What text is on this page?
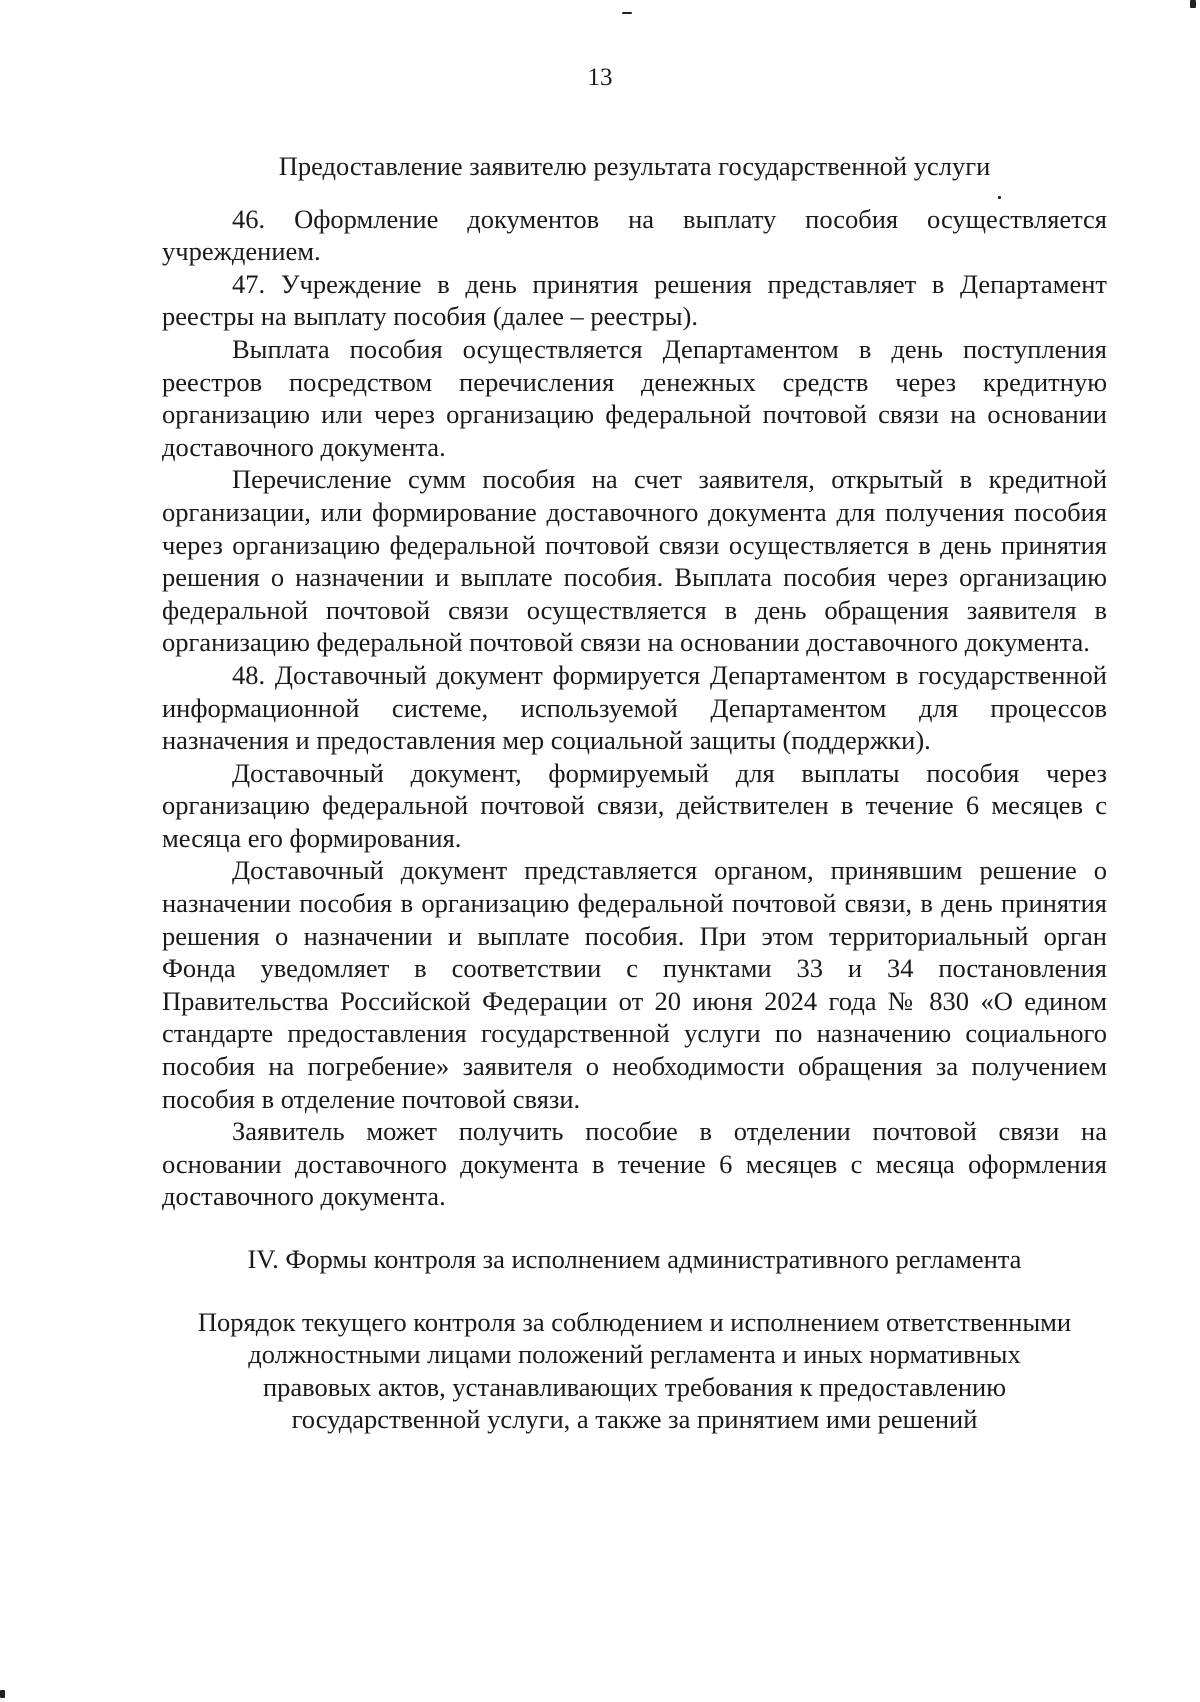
13

Предоставление заявителю результата государственной услуги

46. Оформление документов на выплату пособия осуществляется учреждением.

47. Учреждение в день принятия решения представляет в Департамент реестры на выплату пособия (далее – реестры).

Выплата пособия осуществляется Департаментом в день поступления реестров посредством перечисления денежных средств через кредитную организацию или через организацию федеральной почтовой связи на основании доставочного документа.

Перечисление сумм пособия на счет заявителя, открытый в кредитной организации, или формирование доставочного документа для получения пособия через организацию федеральной почтовой связи осуществляется в день принятия решения о назначении и выплате пособия. Выплата пособия через организацию федеральной почтовой связи осуществляется в день обращения заявителя в организацию федеральной почтовой связи на основании доставочного документа.

48. Доставочный документ формируется Департаментом в государственной информационной системе, используемой Департаментом для процессов назначения и предоставления мер социальной защиты (поддержки).

Доставочный документ, формируемый для выплаты пособия через организацию федеральной почтовой связи, действителен в течение 6 месяцев с месяца его формирования.

Доставочный документ представляется органом, принявшим решение о назначении пособия в организацию федеральной почтовой связи, в день принятия решения о назначении и выплате пособия. При этом территориальный орган Фонда уведомляет в соответствии с пунктами 33 и 34 постановления Правительства Российской Федерации от 20 июня 2024 года № 830 «О едином стандарте предоставления государственной услуги по назначению социального пособия на погребение» заявителя о необходимости обращения за получением пособия в отделение почтовой связи.

Заявитель может получить пособие в отделении почтовой связи на основании доставочного документа в течение 6 месяцев с месяца оформления доставочного документа.

IV. Формы контроля за исполнением административного регламента

Порядок текущего контроля за соблюдением и исполнением ответственными
должностными лицами положений регламента и иных нормативных
правовых актов, устанавливающих требования к предоставлению
государственной услуги, а также за принятием ими решений
